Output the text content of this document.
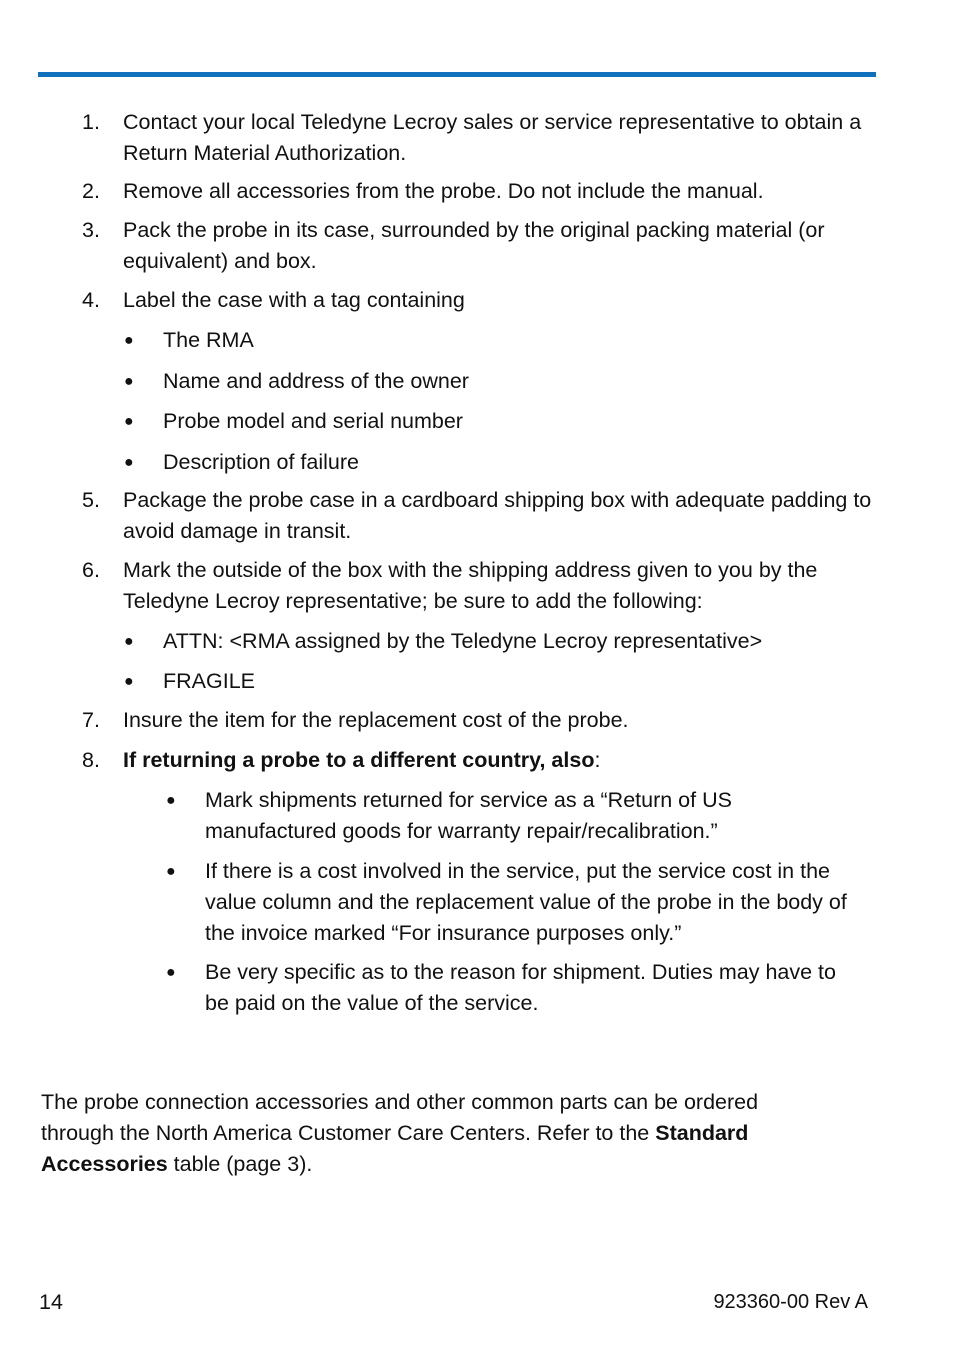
1.	Contact your local Teledyne Lecroy sales or service representative to obtain a Return Material Authorization.
2.	Remove all accessories from the probe. Do not include the manual.
3.	Pack the probe in its case, surrounded by the original packing material (or equivalent) and box.
4.	Label the case with a tag containing
● The RMA
● Name and address of the owner
● Probe model and serial number
● Description of failure
5.	Package the probe case in a cardboard shipping box with adequate padding to avoid damage in transit.
6.	Mark the outside of the box with the shipping address given to you by the Teledyne Lecroy representative; be sure to add the following:
● ATTN: <RMA assigned by the Teledyne Lecroy representative>
● FRAGILE
7.	Insure the item for the replacement cost of the probe.
8.	If returning a probe to a different country, also:
● Mark shipments returned for service as a “Return of US manufactured goods for warranty repair/recalibration.”
● If there is a cost involved in the service, put the service cost in the value column and the replacement value of the probe in the body of the invoice marked “For insurance purposes only.”
● Be very specific as to the reason for shipment. Duties may have to be paid on the value of the service.
The probe connection accessories and other common parts can be ordered through the North America Customer Care Centers. Refer to the Standard Accessories table (page 3).
14	923360-00 Rev A
